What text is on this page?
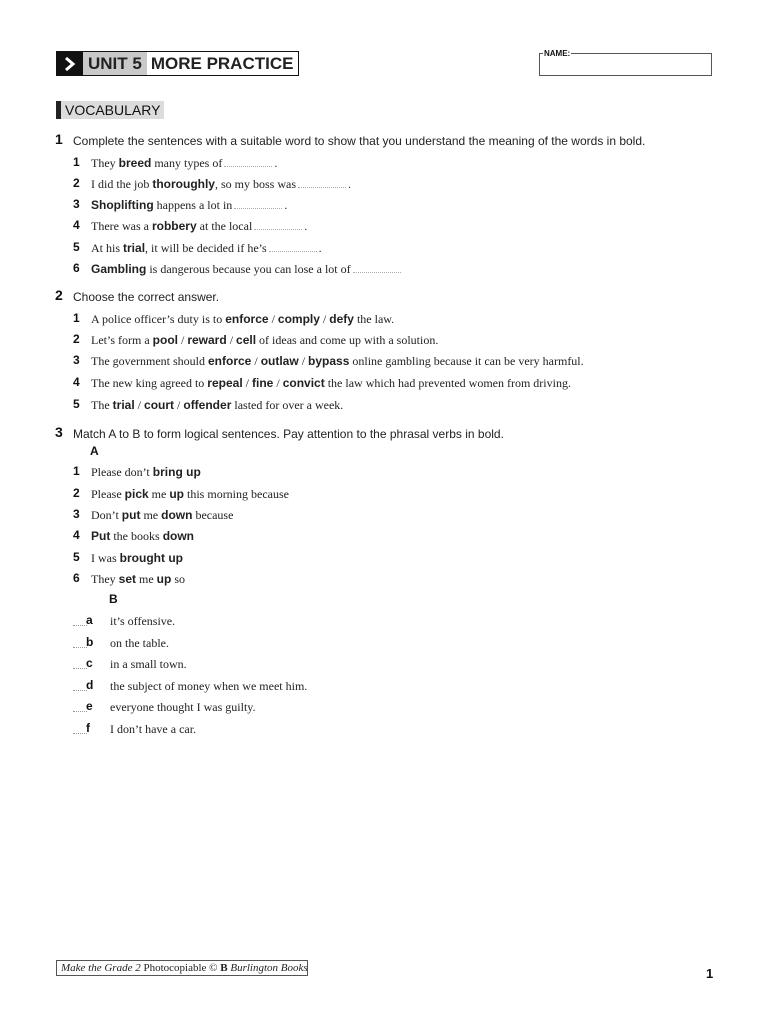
UNIT 5 MORE PRACTICE	NAME:
VOCABULARY
1 Complete the sentences with a suitable word to show that you understand the meaning of the words in bold.
1 They breed many types of	.
2 I did the job thoroughly, so my boss was	.
3 Shoplifting happens a lot in	.
4 There was a robbery at the local	.
5 At his trial, it will be decided if he’s	.
6 Gambling is dangerous because you can lose a lot of
2 Choose the correct answer.
1 A police officer’s duty is to enforce / comply / defy the law.
2 Let’s form a pool / reward / cell of ideas and come up with a solution.
3 The government should enforce / outlaw / bypass online gambling because it can be very harmful.
4 The new king agreed to repeal / fine / convict the law which had prevented women from driving.
5 The trial / court / offender lasted for over a week.
3 Match A to B to form logical sentences. Pay attention to the phrasal verbs in bold.
A
1 Please don’t bring up
2 Please pick me up this morning because
3 Don’t put me down because
4 Put the books down
5 I was brought up
6 They set me up so
B
a it’s offensive.
b on the table.
c in a small town.
d the subject of money when we meet him.
e everyone thought I was guilty.
f I don’t have a car.
Make the Grade 2
Photocopiable ©
B
Burlington Books	1
